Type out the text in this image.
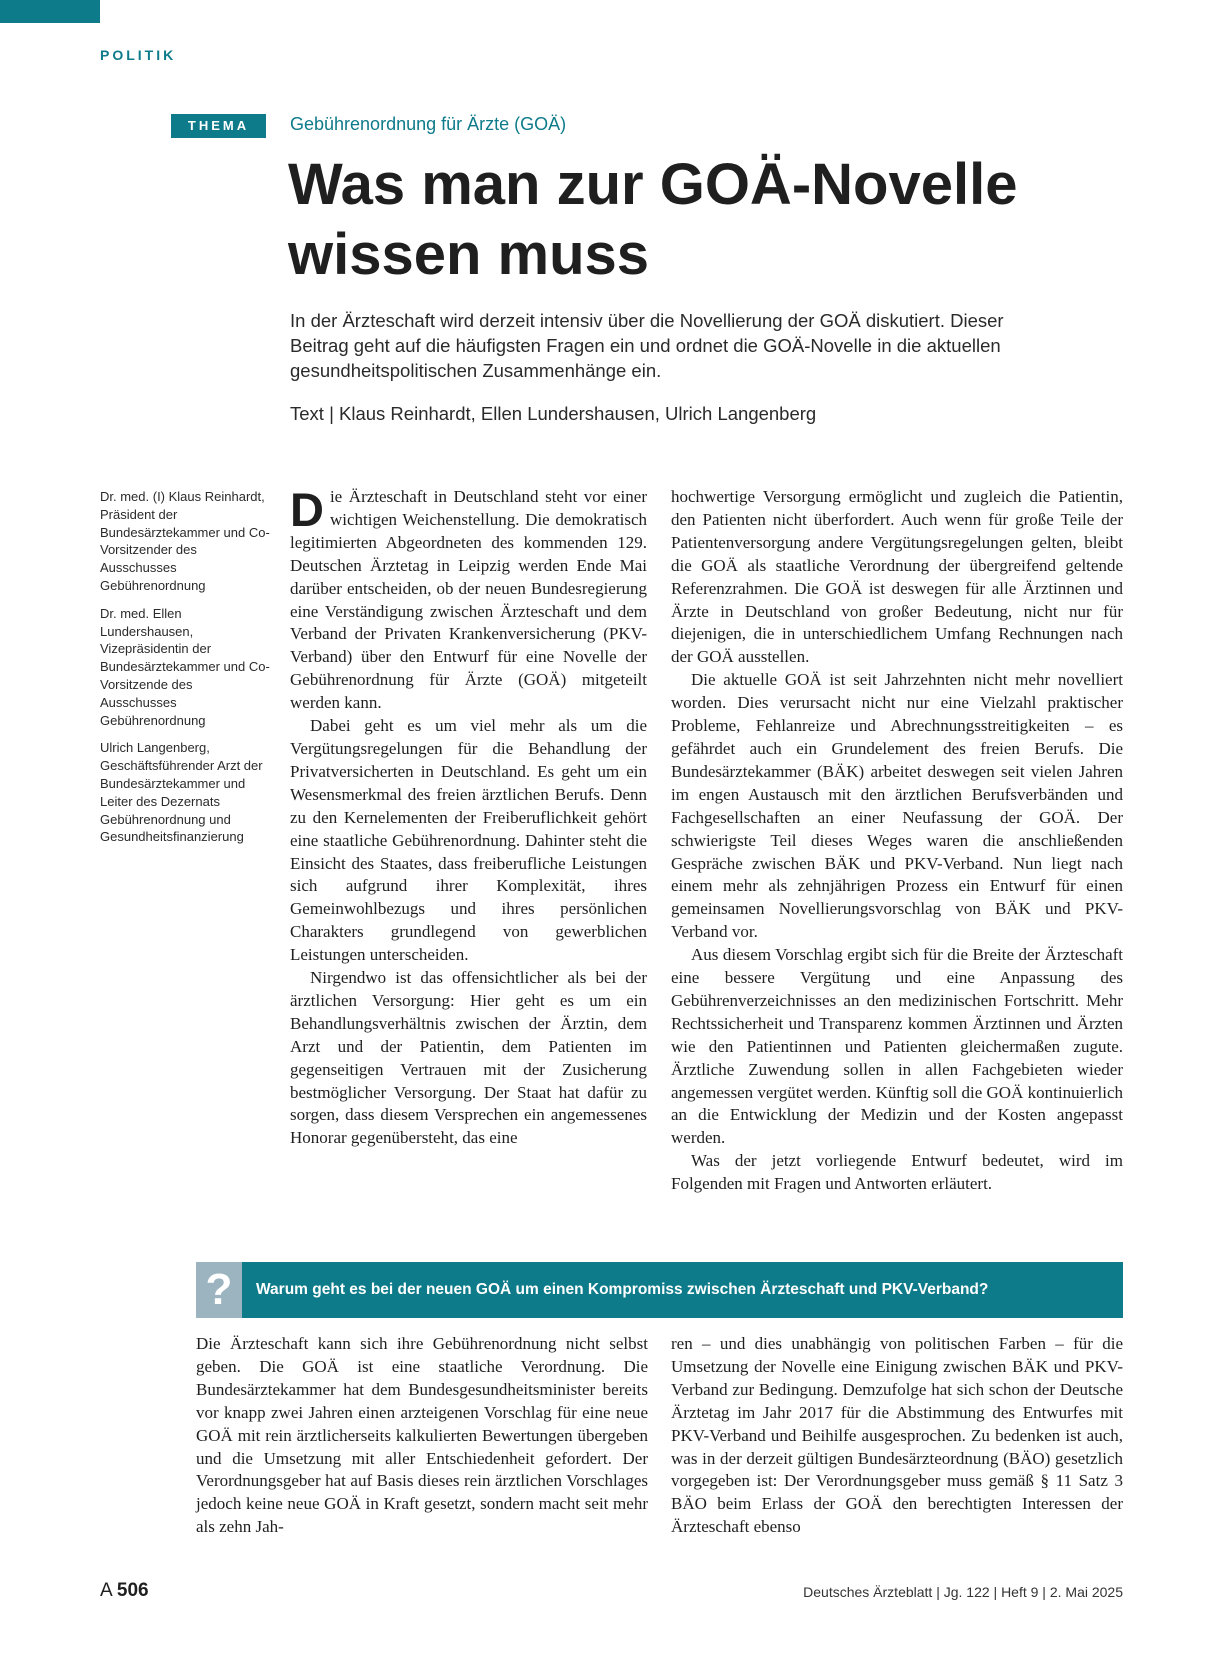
POLITIK
THEMA	Gebührenordnung für Ärzte (GOÄ)
Was man zur GOÄ-Novelle wissen muss

In der Ärzteschaft wird derzeit intensiv über die Novellierung der GOÄ diskutiert. Dieser Beitrag geht auf die häufigsten Fragen ein und ordnet die GOÄ-Novelle in die aktuellen gesundheitspolitischen Zusammenhänge ein.

Text | Klaus Reinhardt, Ellen Lundershausen, Ulrich Langenberg

Dr. med. (I) Klaus Reinhardt, Präsident der Bundesärztekammer und Co-Vorsitzender des Ausschusses Gebührenordnung

Dr. med. Ellen Lundershausen, Vizepräsidentin der Bundesärztekammer und Co-Vorsitzende des Ausschusses Gebührenordnung

Ulrich Langenberg, Geschäftsführender Arzt der Bundesärztekammer und Leiter des Dezernats Gebührenordnung und Gesundheitsfinanzierung

Die Ärzteschaft in Deutschland steht vor einer wichtigen Weichenstellung. Die demokratisch legitimierten Abgeordneten des kommenden 129. Deutschen Ärztetag in Leipzig werden Ende Mai darüber entscheiden, ob der neuen Bundesregierung eine Verständigung zwischen Ärzteschaft und dem Verband der Privaten Krankenversicherung (PKV-Verband) über den Entwurf für eine Novelle der Gebührenordnung für Ärzte (GOÄ) mitgeteilt werden kann.

Dabei geht es um viel mehr als um die Vergütungsregelungen für die Behandlung der Privatversicherten in Deutschland. Es geht um ein Wesensmerkmal des freien ärztlichen Berufs. Denn zu den Kernelementen der Freiberuflichkeit gehört eine staatliche Gebührenordnung. Dahinter steht die Einsicht des Staates, dass freiberufliche Leistungen sich aufgrund ihrer Komplexität, ihres Gemeinwohlbezugs und ihres persönlichen Charakters grundlegend von gewerblichen Leistungen unterscheiden.

Nirgendwo ist das offensichtlicher als bei der ärztlichen Versorgung: Hier geht es um ein Behandlungsverhältnis zwischen der Ärztin, dem Arzt und der Patientin, dem Patienten im gegenseitigen Vertrauen mit der Zusicherung bestmöglicher Versorgung. Der Staat hat dafür zu sorgen, dass diesem Versprechen ein angemessenes Honorar gegenübersteht, das eine

hochwertige Versorgung ermöglicht und zugleich die Patientin, den Patienten nicht überfordert. Auch wenn für große Teile der Patientenversorgung andere Vergütungsregelungen gelten, bleibt die GOÄ als staatliche Verordnung der übergreifend geltende Referenzrahmen. Die GOÄ ist deswegen für alle Ärztinnen und Ärzte in Deutschland von großer Bedeutung, nicht nur für diejenigen, die in unterschiedlichem Umfang Rechnungen nach der GOÄ ausstellen.

Die aktuelle GOÄ ist seit Jahrzehnten nicht mehr novelliert worden. Dies verursacht nicht nur eine Vielzahl praktischer Probleme, Fehlanreize und Abrechnungsstreitigkeiten – es gefährdet auch ein Grundelement des freien Berufs. Die Bundesärztekammer (BÄK) arbeitet deswegen seit vielen Jahren im engen Austausch mit den ärztlichen Berufsverbänden und Fachgesellschaften an einer Neufassung der GOÄ. Der schwierigste Teil dieses Weges waren die anschließenden Gespräche zwischen BÄK und PKV-Verband. Nun liegt nach einem mehr als zehnjährigen Prozess ein Entwurf für einen gemeinsamen Novellierungsvorschlag von BÄK und PKV-Verband vor.

Aus diesem Vorschlag ergibt sich für die Breite der Ärzteschaft eine bessere Vergütung und eine Anpassung des Gebührenverzeichnisses an den medizinischen Fortschritt. Mehr Rechtssicherheit und Transparenz kommen Ärztinnen und Ärzten wie den Patientinnen und Patienten gleichermaßen zugute. Ärztliche Zuwendung sollen in allen Fachgebieten wieder angemessen vergütet werden. Künftig soll die GOÄ kontinuierlich an die Entwicklung der Medizin und der Kosten angepasst werden.

Was der jetzt vorliegende Entwurf bedeutet, wird im Folgenden mit Fragen und Antworten erläutert.

?	Warum geht es bei der neuen GOÄ um einen Kompromiss zwischen Ärzteschaft und PKV-Verband?

Die Ärzteschaft kann sich ihre Gebührenordnung nicht selbst geben. Die GOÄ ist eine staatliche Verordnung. Die Bundesärztekammer hat dem Bundesgesundheitsminister bereits vor knapp zwei Jahren einen arzteigenen Vorschlag für eine neue GOÄ mit rein ärztlicherseits kalkulierten Bewertungen übergeben und die Umsetzung mit aller Entschiedenheit gefordert. Der Verordnungsgeber hat auf Basis dieses rein ärztlichen Vorschlages jedoch keine neue GOÄ in Kraft gesetzt, sondern macht seit mehr als zehn Jah-

ren – und dies unabhängig von politischen Farben – für die Umsetzung der Novelle eine Einigung zwischen BÄK und PKV-Verband zur Bedingung. Demzufolge hat sich schon der Deutsche Ärztetag im Jahr 2017 für die Abstimmung des Entwurfes mit PKV-Verband und Beihilfe ausgesprochen. Zu bedenken ist auch, was in der derzeit gültigen Bundesärzteordnung (BÄO) gesetzlich vorgegeben ist: Der Verordnungsgeber muss gemäß § 11 Satz 3 BÄO beim Erlass der GOÄ den berechtigten Interessen der Ärzteschaft ebenso

A 506	Deutsches Ärzteblatt | Jg. 122 | Heft 9 | 2. Mai 2025
